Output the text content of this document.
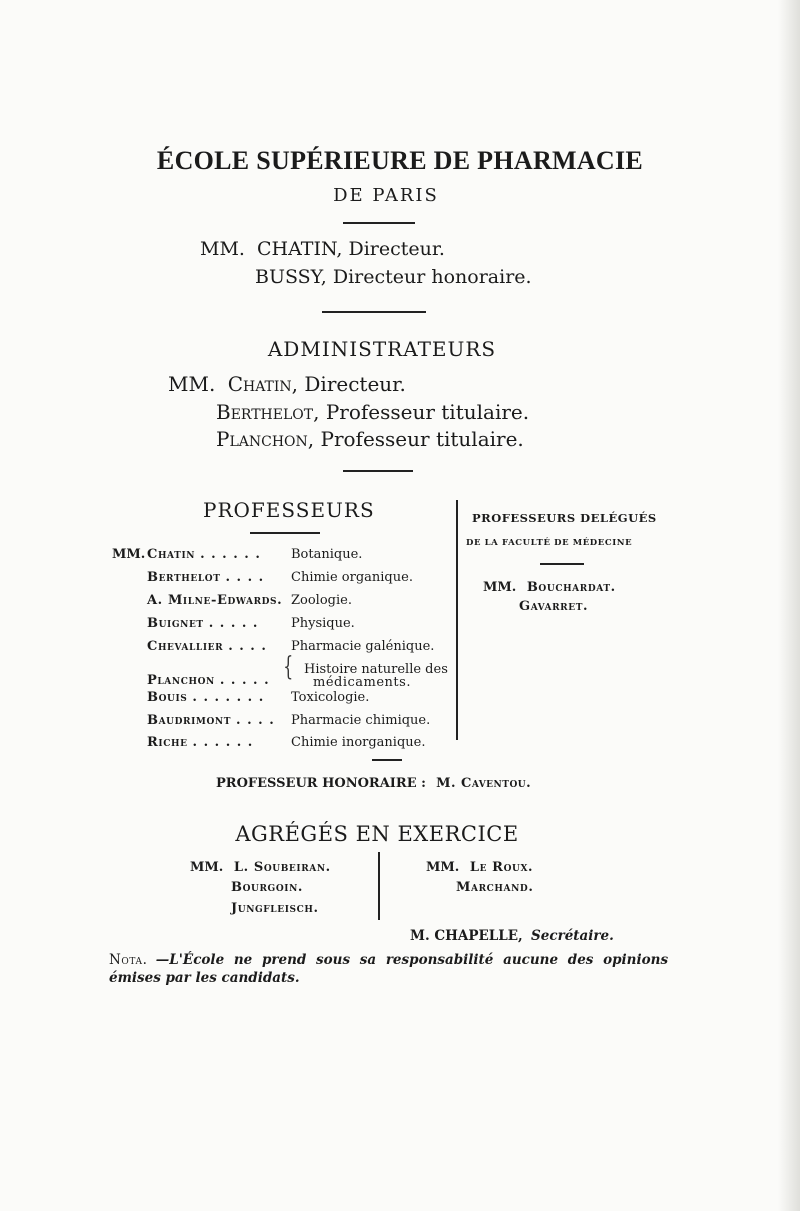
ÉCOLE SUPÉRIEURE DE PHARMACIE
DE PARIS
MM. CHATIN, Directeur.
BUSSY, Directeur honoraire.
ADMINISTRATEURS
MM. Chatin, Directeur.
Berthelot, Professeur titulaire.
Planchon, Professeur titulaire.
PROFESSEURS
MM. Chatin . . . . . . Botanique.
Berthelot . . . . Chimie organique.
A. Milne-Edwards. Zoologie.
Buignet . . . . .	Physique.
Chevallier . . . . Pharmacie galénique.
Planchon . . . . .
Histoire naturelle des
médicaments.
Bouis . . . . . . . Toxicologie.
Baudrimont . . . . Pharmacie chimique.
Riche . . . . . .	Chimie inorganique.
{
PROFESSEURS DELÉGUÉS
DE LA FACULTÉ DE MÉDECINE
MM. Bouchardat.
Gavarret.
PROFESSEUR HONORAIRE : M. Caventou.
AGRÉGÉS EN EXERCICE
MM. L. Soubeiran.
Bourgoin.
Jungfleisch.
MM. Le Roux.
Marchand.
M. CHAPELLE, Secrétaire.
Nota. —L'École ne prend sous sa responsabilité aucune des opinions
émises par les candidats.
